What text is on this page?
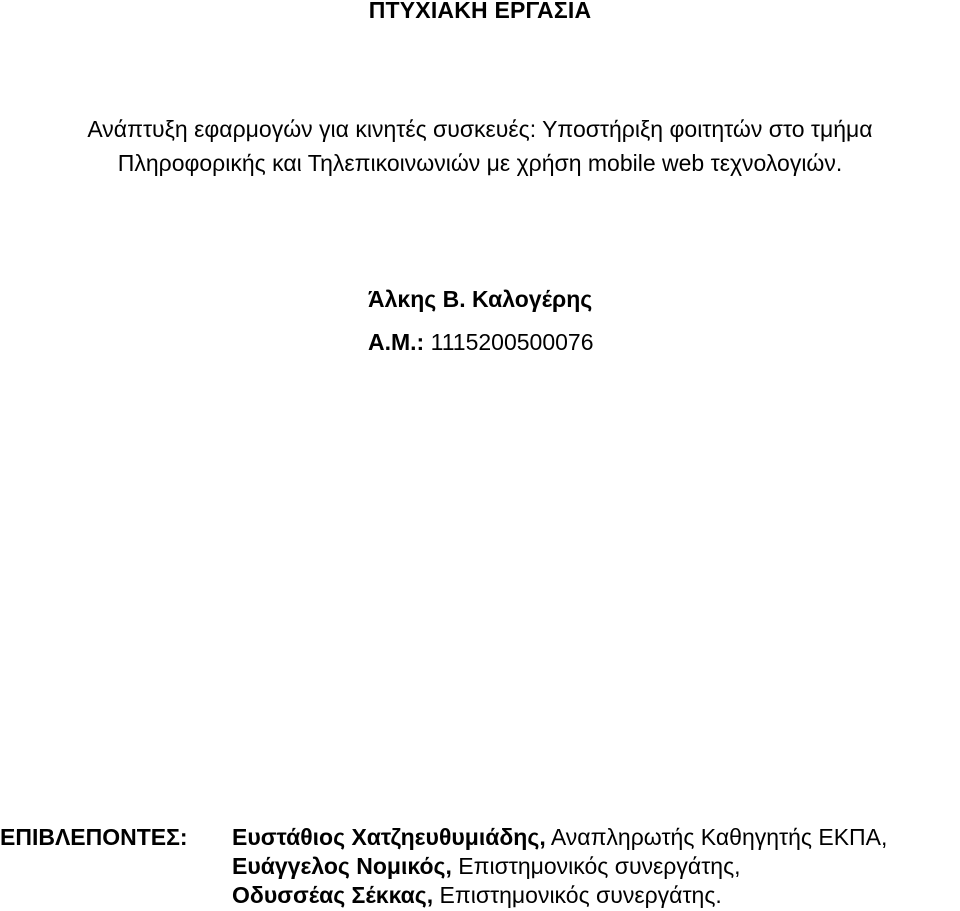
ΠΤΥΧΙΑΚΗ ΕΡΓΑΣΙΑ
Ανάπτυξη εφαρμογών για κινητές συσκευές: Υποστήριξη φοιτητών στο τμήμα
Πληροφορικής και Τηλεπικοινωνιών με χρήση mobile web τεχνολογιών.
Άλκης Β. Καλογέρης
Α.Μ.: 1115200500076
ΕΠΙΒΛΕΠΟΝΤΕΣ: Ευστάθιος Χατζηευθυμιάδης, Αναπληρωτής Καθηγητής ΕΚΠΑ,
Ευάγγελος Νομικός, Επιστημονικός συνεργάτης,
Οδυσσέας Σέκκας, Επιστημονικός συνεργάτης.
